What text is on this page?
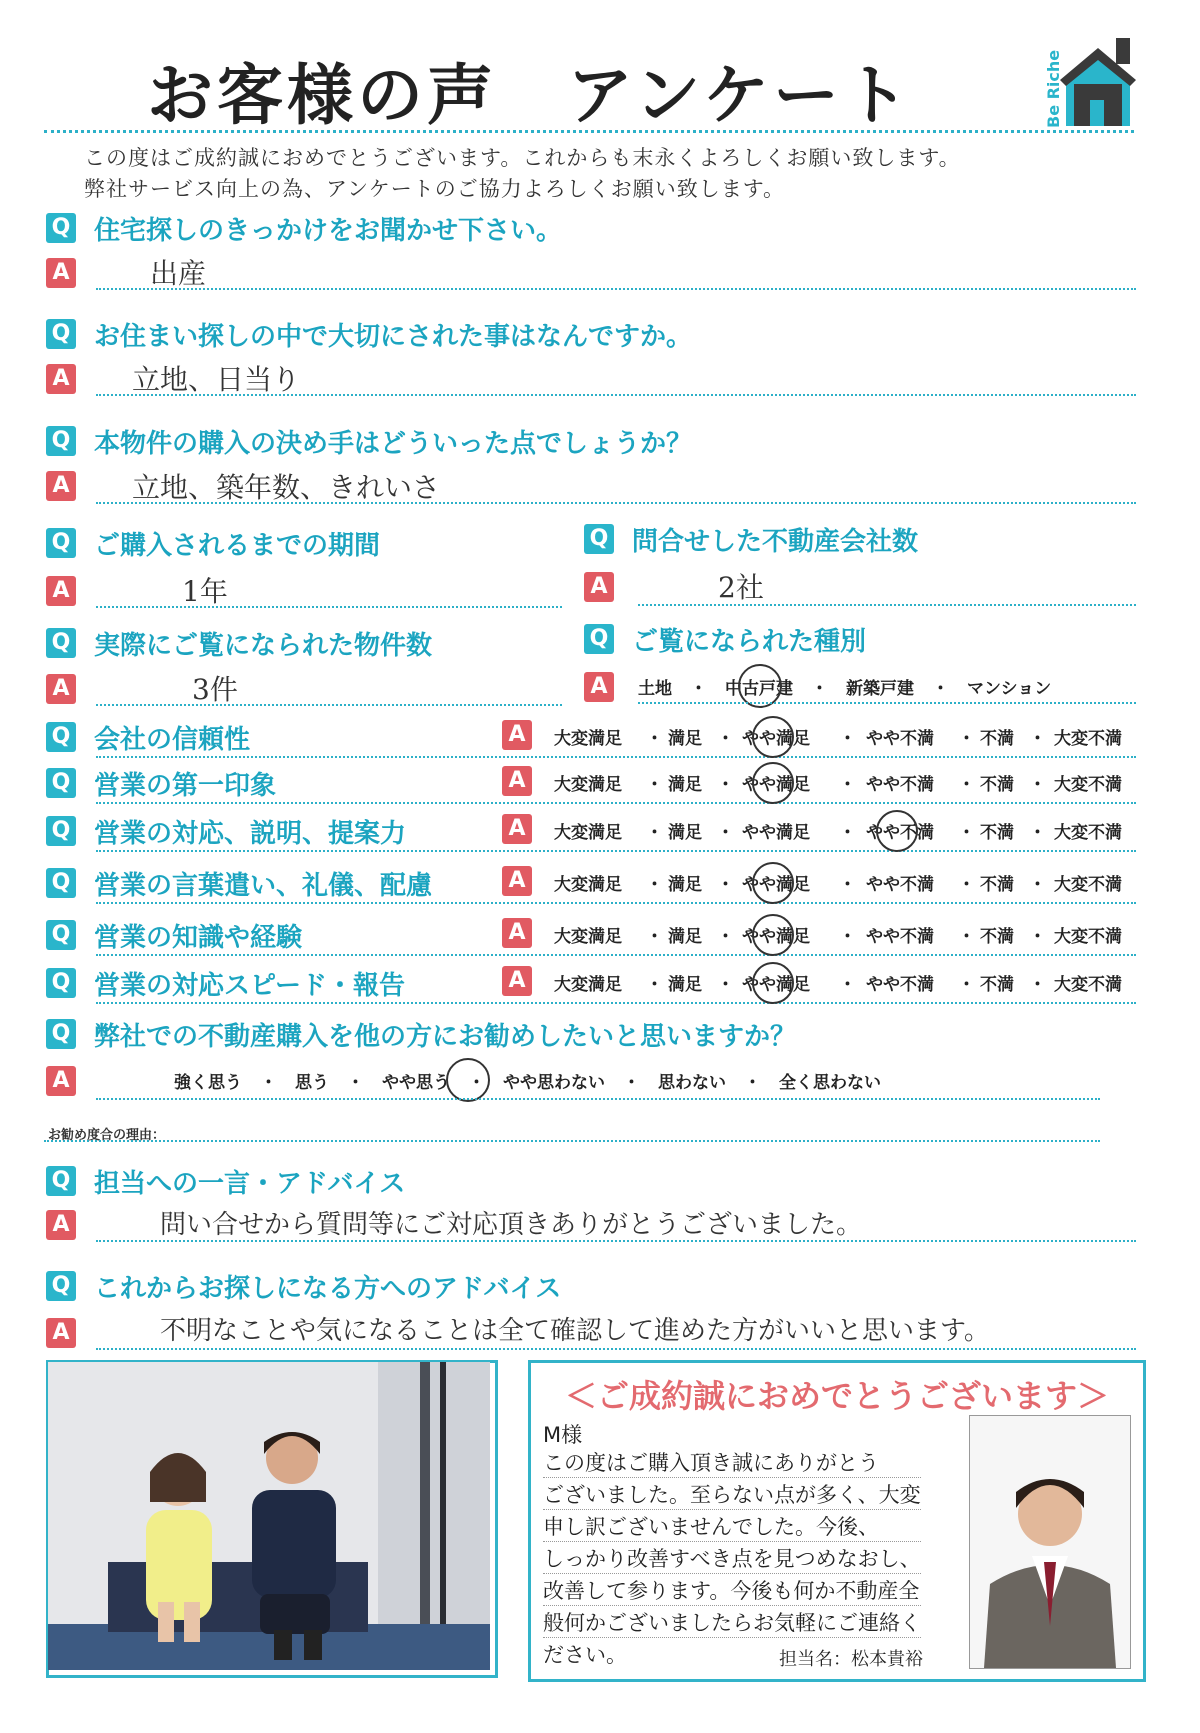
お客様の声　アンケート	Be Riche
この度はご成約誠におめでとうございます。これからも末永くよろしくお願い致します。
弊社サービス向上の為、アンケートのご協力よろしくお願い致します。
Q 住宅探しのきっかけをお聞かせ下さい。
A	出産
Q お住まい探しの中で大切にされた事はなんですか。
A 立地、日当り
Q 本物件の購入の決め手はどういった点でしょうか？
A 立地、築年数、きれいさ
Q ご購入されるまでの期間
A	1年
Q 問合せした不動産会社数
A	2社
Q 実際にご覧になられた物件数
A	3件
Q ご覧になられた種別
A	土地 ・ 中古戸建 ・ 新築戸建 ・ マンション
Q 会社の信頼性	A	大変満足 ・ 満足 ・ やや満足 ・ やや不満 ・ 不満 ・ 大変不満
Q 営業の第一印象	A	大変満足 ・ 満足 ・ やや満足 ・ やや不満 ・ 不満 ・ 大変不満
Q 営業の対応、説明、提案力	A	大変満足 ・ 満足 ・ やや満足 ・ やや不満 ・ 不満 ・ 大変不満
Q 営業の言葉遣い、礼儀、配慮	A	大変満足 ・ 満足 ・ やや満足 ・ やや不満 ・ 不満 ・ 大変不満
Q 営業の知識や経験	A	大変満足 ・ 満足 ・ やや満足 ・ やや不満 ・ 不満 ・ 大変不満
Q 営業の対応スピード・報告	A	大変満足 ・ 満足 ・ やや満足 ・ やや不満 ・ 不満 ・ 大変不満
Q 弊社での不動産購入を他の方にお勧めしたいと思いますか？
A	強く思う ・ 思う ・ やや思う ・ やや思わない ・ 思わない ・ 全く思わない
お勧め度合の理由：
Q 担当への一言・アドバイス
A	問い合せから質問等にご対応頂きありがとうございました。
Q これからお探しになる方へのアドバイス
A	不明なことや気になることは全て確認して進めた方がいいと思います。
＜ご成約誠におめでとうございます＞
M様
この度はご購入頂き誠にありがとう
ございました。至らない点が多く、大変
申し訳ございませんでした。今後、
しっかり改善すべき点を見つめなおし、
改善して参ります。今後も何か不動産全
般何かございましたらお気軽にご連絡く
ださい。	担当名：松本貴裕
